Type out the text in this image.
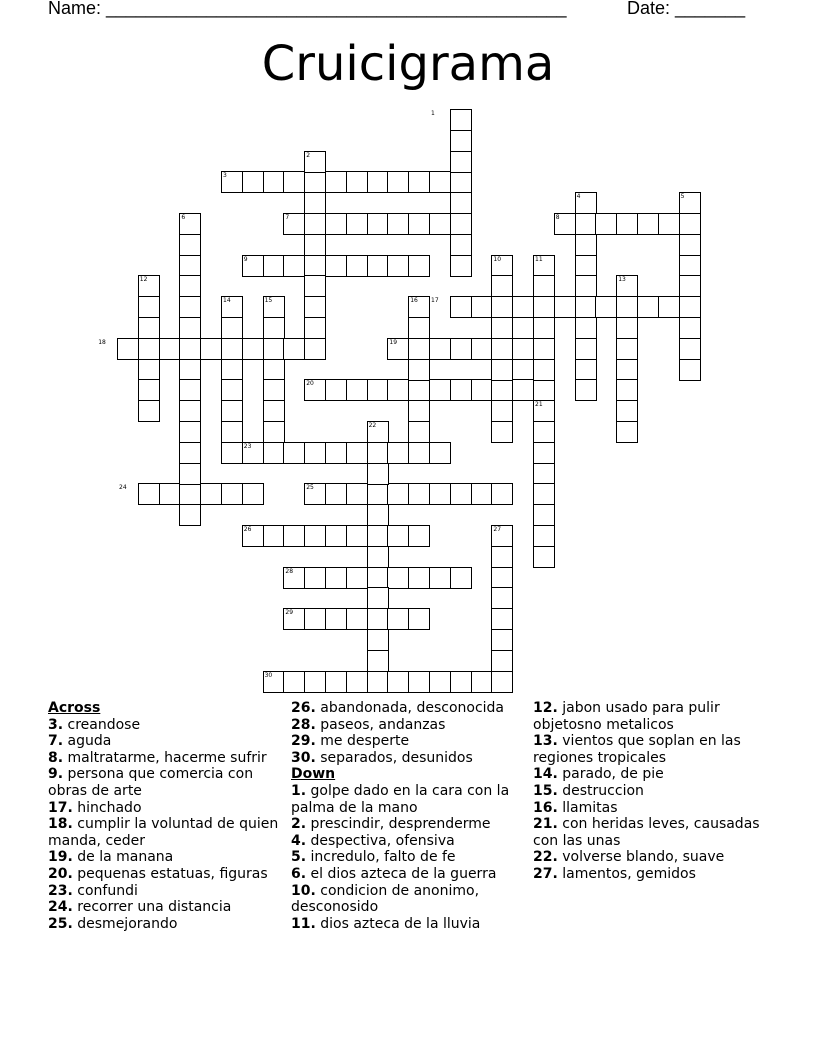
Name: ______________________________________________	Date: _______
Cruicigrama
1
2
3
4	5
6	7	8
9	10	11
12	13
14	15	16 17
18	19
20
21
22
23
24	25
26	27
28
29
30
Across
3. creandose
7. aguda
8. maltratarme, hacerme sufrir
9. persona que comercia con obras de arte
17. hinchado
18. cumplir la voluntad de quien manda, ceder
19. de la manana
20. pequenas estatuas, figuras
23. confundi
24. recorrer una distancia
25. desmejorando
26. abandonada, desconocida
28. paseos, andanzas
29. me desperte
30. separados, desunidos
Down
1. golpe dado en la cara con la palma de la mano
2. prescindir, desprenderme
4. despectiva, ofensiva
5. incredulo, falto de fe
6. el dios azteca de la guerra
10. condicion de anonimo, desconosido
11. dios azteca de la lluvia
12. jabon usado para pulir objetosno metalicos
13. vientos que soplan en las regiones tropicales
14. parado, de pie
15. destruccion
16. llamitas
21. con heridas leves, causadas con las unas
22. volverse blando, suave
27. lamentos, gemidos
